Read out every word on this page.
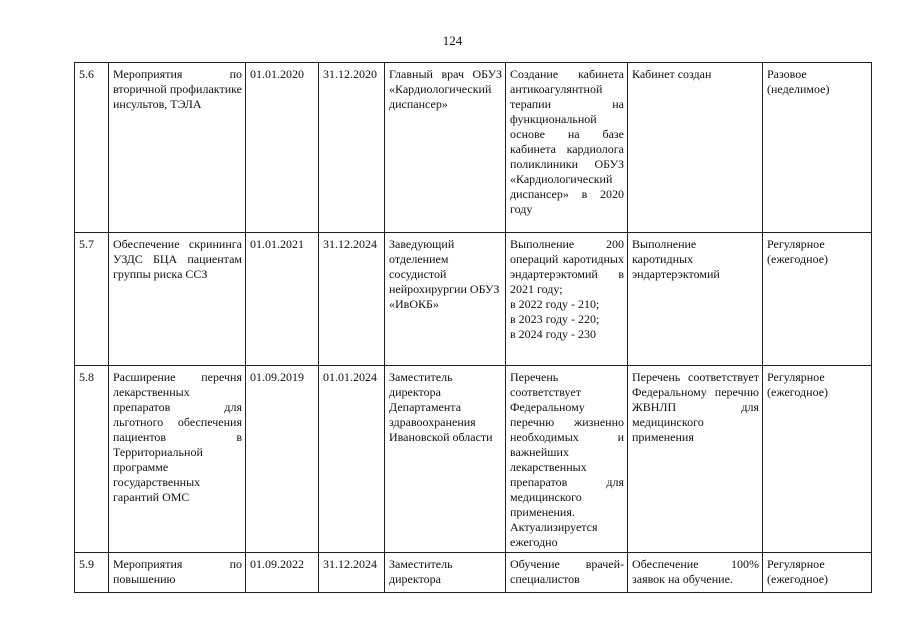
124
5.6	Мероприятия по вторичной профилактике инсультов, ТЭЛА	01.01.2020	31.12.2020	Главный врач ОБУЗ «Кардиологический диспансер»	Создание кабинета антикоагулянтной терапии на функциональной основе на базе кабинета кардиолога поликлиники ОБУЗ «Кардиологический диспансер» в 2020 году	Кабинет создан	Разовое (неделимое)
5.7	Обеспечение скрининга УЗДС БЦА пациентам группы риска ССЗ	01.01.2021	31.12.2024	Заведующий отделением сосудистой нейрохирургии ОБУЗ «ИвОКБ»	Выполнение 200 операций каротидных эндартерэктомий в 2021 году;
в 2022 году - 210;
в 2023 году - 220;
в 2024 году - 230	Выполнение каротидных эндартерэктомий	Регулярное (ежегодное)
5.8	Расширение перечня лекарственных препаратов для льготного обеспечения пациентов в Территориальной программе государственных гарантий ОМС	01.09.2019	01.01.2024	Заместитель директора Департамента здравоохранения Ивановской области	Перечень соответствует Федеральному перечню жизненно необходимых и важнейших лекарственных препаратов для медицинского применения. Актуализируется ежегодно	Перечень соответствует Федеральному перечню ЖВНЛП для медицинского применения	Регулярное (ежегодное)
5.9	Мероприятия по повышению	01.09.2022	31.12.2024	Заместитель директора	Обучение врачей-специалистов	Обеспечение 100% заявок на обучение.	Регулярное (ежегодное)
